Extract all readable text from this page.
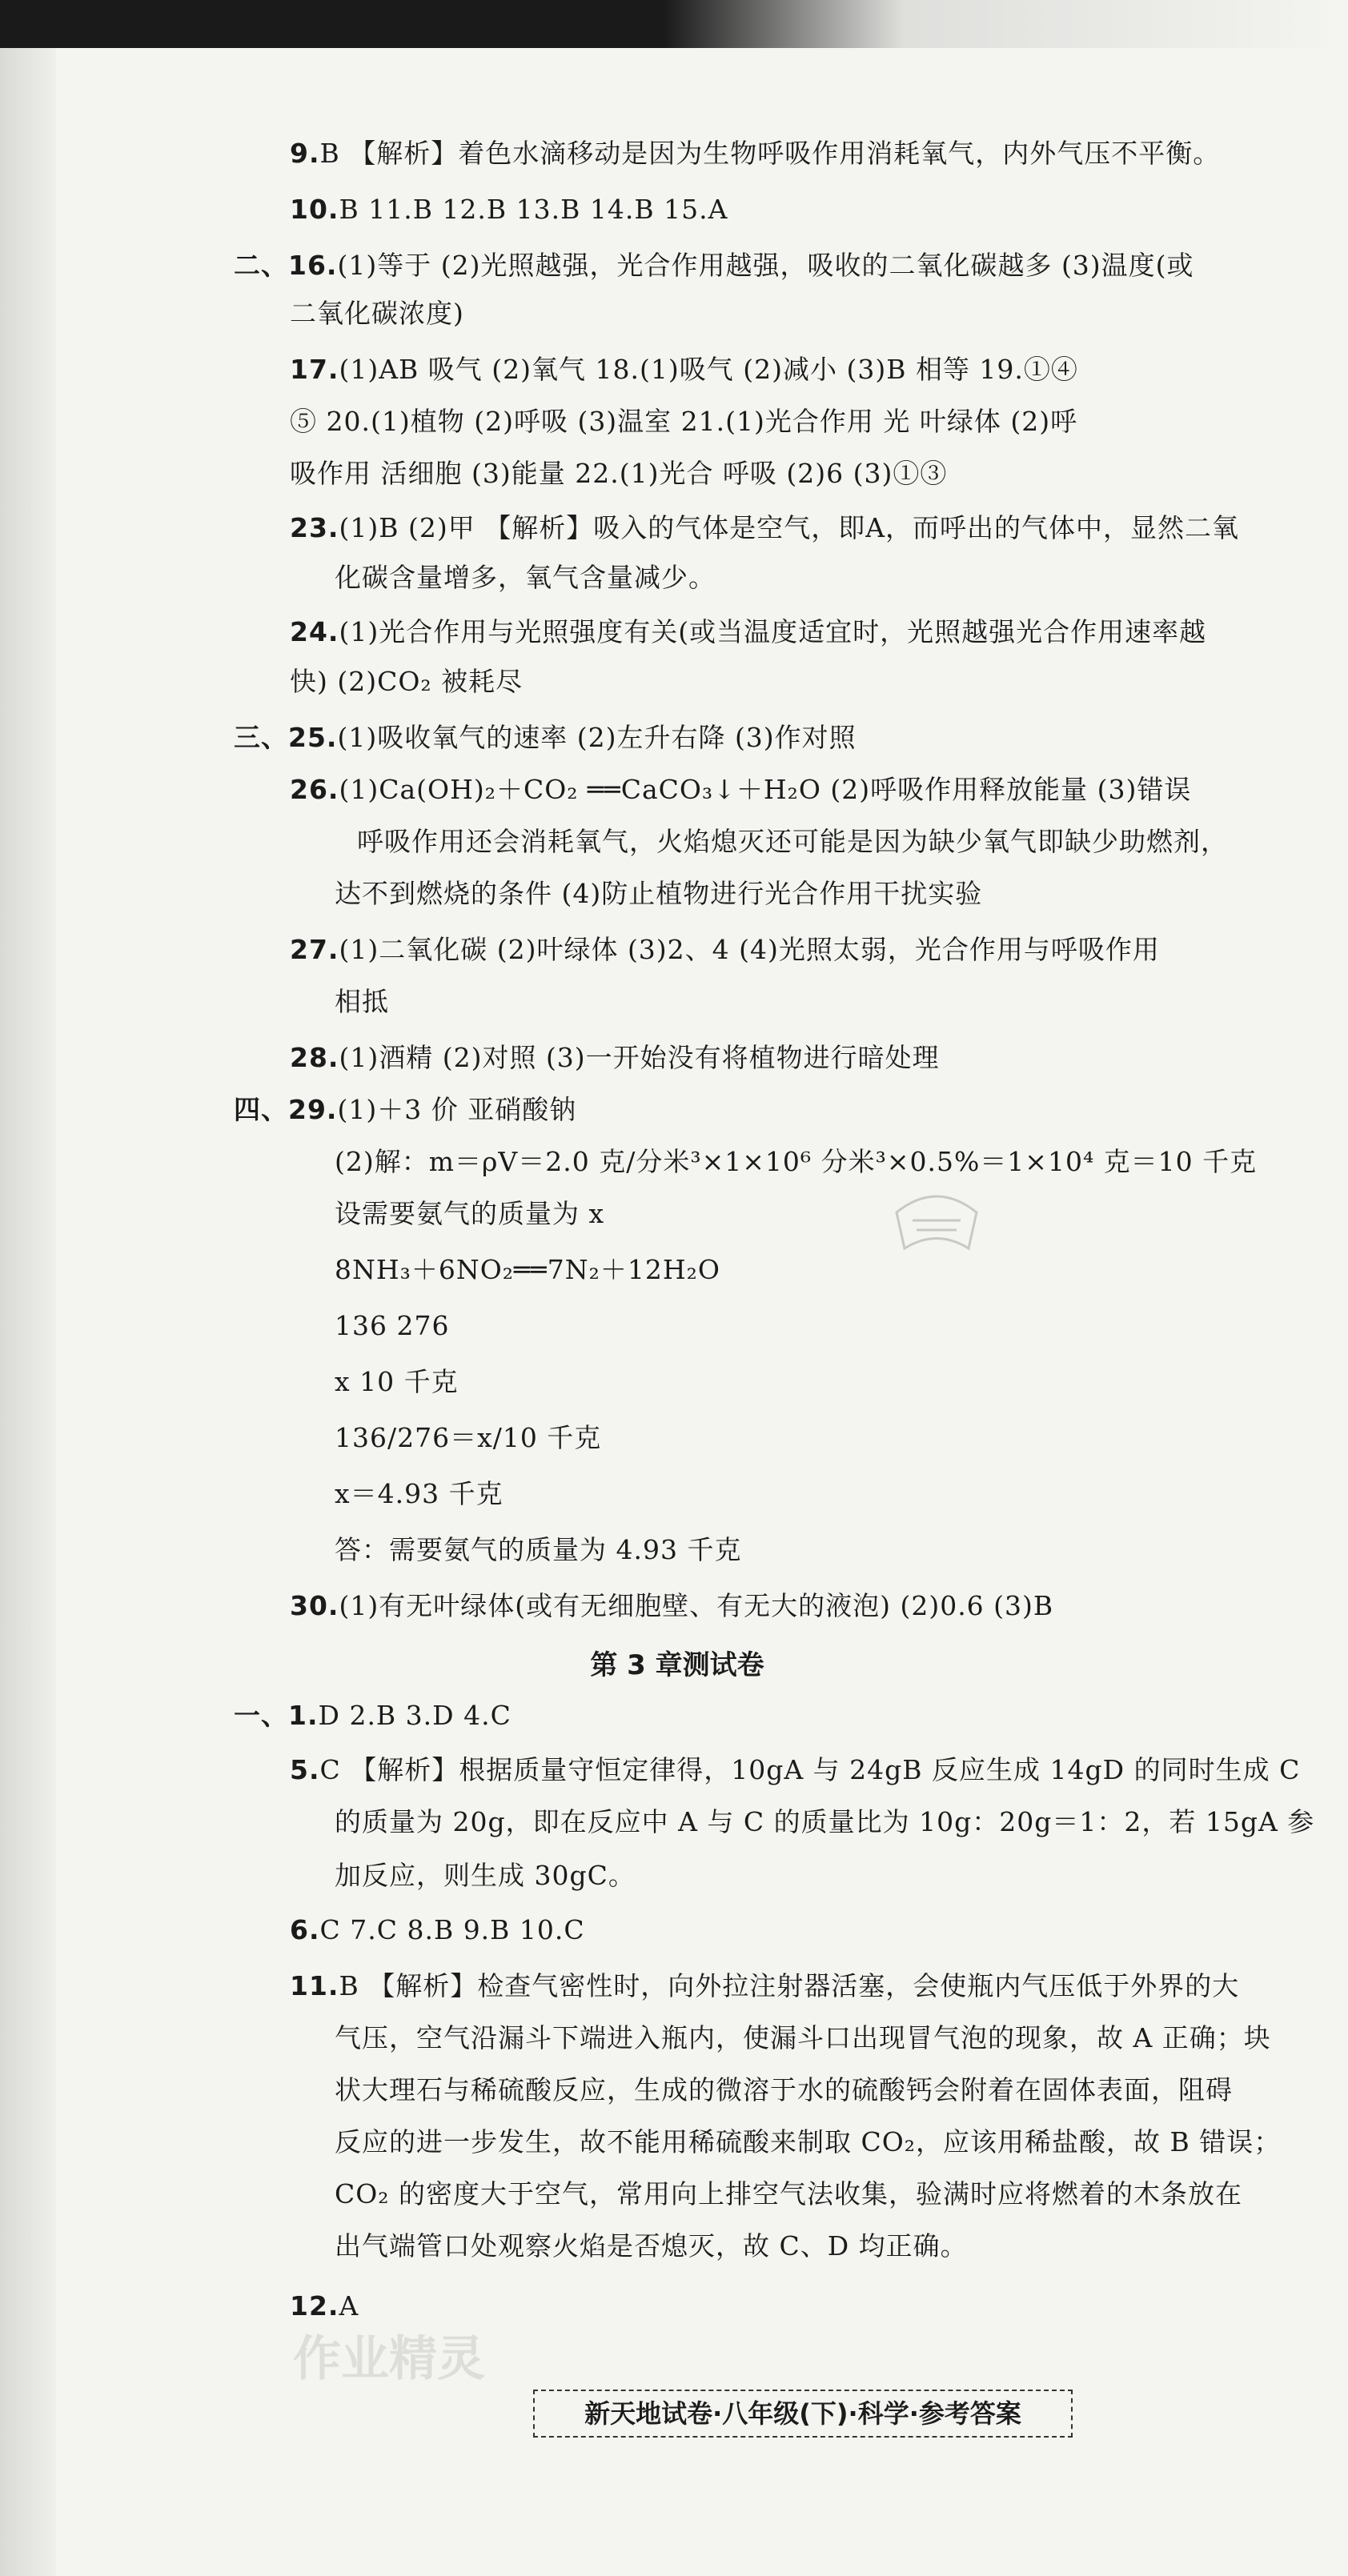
9.B 【解析】着色水滴移动是因为生物呼吸作用消耗氧气，内外气压不平衡。
10.B 11.B 12.B 13.B 14.B 15.A
二、16.(1)等于 (2)光照越强，光合作用越强，吸收的二氧化碳越多 (3)温度(或
二氧化碳浓度)
17.(1)AB 吸气 (2)氧气 18.(1)吸气 (2)减小 (3)B 相等 19.①④
⑤ 20.(1)植物 (2)呼吸 (3)温室 21.(1)光合作用 光 叶绿体 (2)呼
吸作用 活细胞 (3)能量 22.(1)光合 呼吸 (2)6 (3)①③
23.(1)B (2)甲 【解析】吸入的气体是空气，即A，而呼出的气体中，显然二氧
化碳含量增多，氧气含量减少。
24.(1)光合作用与光照强度有关(或当温度适宜时，光照越强光合作用速率越
快) (2)CO₂ 被耗尽
三、25.(1)吸收氧气的速率 (2)左升右降 (3)作对照
26.(1)Ca(OH)₂＋CO₂ ══CaCO₃↓＋H₂O (2)呼吸作用释放能量 (3)错误
呼吸作用还会消耗氧气，火焰熄灭还可能是因为缺少氧气即缺少助燃剂，
达不到燃烧的条件 (4)防止植物进行光合作用干扰实验
27.(1)二氧化碳 (2)叶绿体 (3)2、4 (4)光照太弱，光合作用与呼吸作用
相抵
28.(1)酒精 (2)对照 (3)一开始没有将植物进行暗处理
四、29.(1)＋3 价 亚硝酸钠
(2)解：m＝ρV＝2.0 克/分米³×1×10⁶ 分米³×0.5%＝1×10⁴ 克＝10 千克
设需要氨气的质量为 x
8NH₃＋6NO₂══7N₂＋12H₂O
136 276
x 10 千克
136/276＝x/10 千克
x＝4.93 千克
答：需要氨气的质量为 4.93 千克
30.(1)有无叶绿体(或有无细胞壁、有无大的液泡) (2)0.6 (3)B
第 3 章测试卷
一、1.D 2.B 3.D 4.C
5.C 【解析】根据质量守恒定律得，10gA 与 24gB 反应生成 14gD 的同时生成 C
的质量为 20g，即在反应中 A 与 C 的质量比为 10g：20g＝1：2，若 15gA 参
加反应，则生成 30gC。
6.C 7.C 8.B 9.B 10.C
11.B 【解析】检查气密性时，向外拉注射器活塞，会使瓶内气压低于外界的大
气压，空气沿漏斗下端进入瓶内，使漏斗口出现冒气泡的现象，故 A 正确；块
状大理石与稀硫酸反应，生成的微溶于水的硫酸钙会附着在固体表面，阻碍
反应的进一步发生，故不能用稀硫酸来制取 CO₂，应该用稀盐酸，故 B 错误；
CO₂ 的密度大于空气，常用向上排空气法收集，验满时应将燃着的木条放在
出气端管口处观察火焰是否熄灭，故 C、D 均正确。
12.A
作业精灵
新天地试卷·八年级(下)·科学·参考答案
